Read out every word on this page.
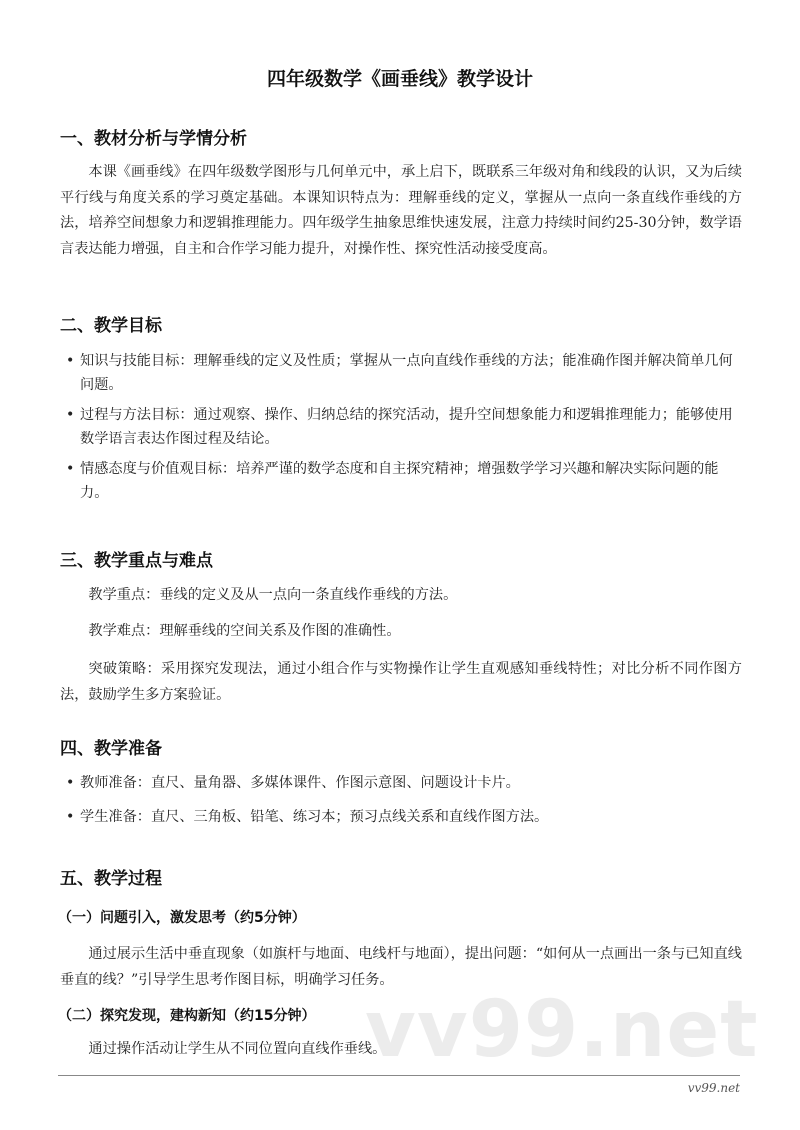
四年级数学《画垂线》教学设计
一、教材分析与学情分析

本课《画垂线》在四年级数学图形与几何单元中，承上启下，既联系三年级对角和线段的认识，又为后续平行线与角度关系的学习奠定基础。本课知识特点为：理解垂线的定义，掌握从一点向一条直线作垂线的方法，培养空间想象力和逻辑推理能力。四年级学生抽象思维快速发展，注意力持续时间约25-30分钟，数学语言表达能力增强，自主和合作学习能力提升，对操作性、探究性活动接受度高。

二、教学目标
• 知识与技能目标：理解垂线的定义及性质；掌握从一点向直线作垂线的方法；能准确作图并解决简单几何问题。
• 过程与方法目标：通过观察、操作、归纳总结的探究活动，提升空间想象能力和逻辑推理能力；能够使用数学语言表达作图过程及结论。
• 情感态度与价值观目标：培养严谨的数学态度和自主探究精神；增强数学学习兴趣和解决实际问题的能力。
三、教学重点与难点

教学重点：垂线的定义及从一点向一条直线作垂线的方法。

教学难点：理解垂线的空间关系及作图的准确性。

突破策略：采用探究发现法，通过小组合作与实物操作让学生直观感知垂线特性；对比分析不同作图方法，鼓励学生多方案验证。

四、教学准备
• 教师准备：直尺、量角器、多媒体课件、作图示意图、问题设计卡片。
• 学生准备：直尺、三角板、铅笔、练习本；预习点线关系和直线作图方法。
五、教学过程
（一）问题引入，激发思考（约5分钟）

通过展示生活中垂直现象（如旗杆与地面、电线杆与地面），提出问题：“如何从一点画出一条与已知直线垂直的线？”引导学生思考作图目标，明确学习任务。

（二）探究发现，建构新知（约15分钟）

通过操作活动让学生从不同位置向直线作垂线。

vv99.net
vv99.net
